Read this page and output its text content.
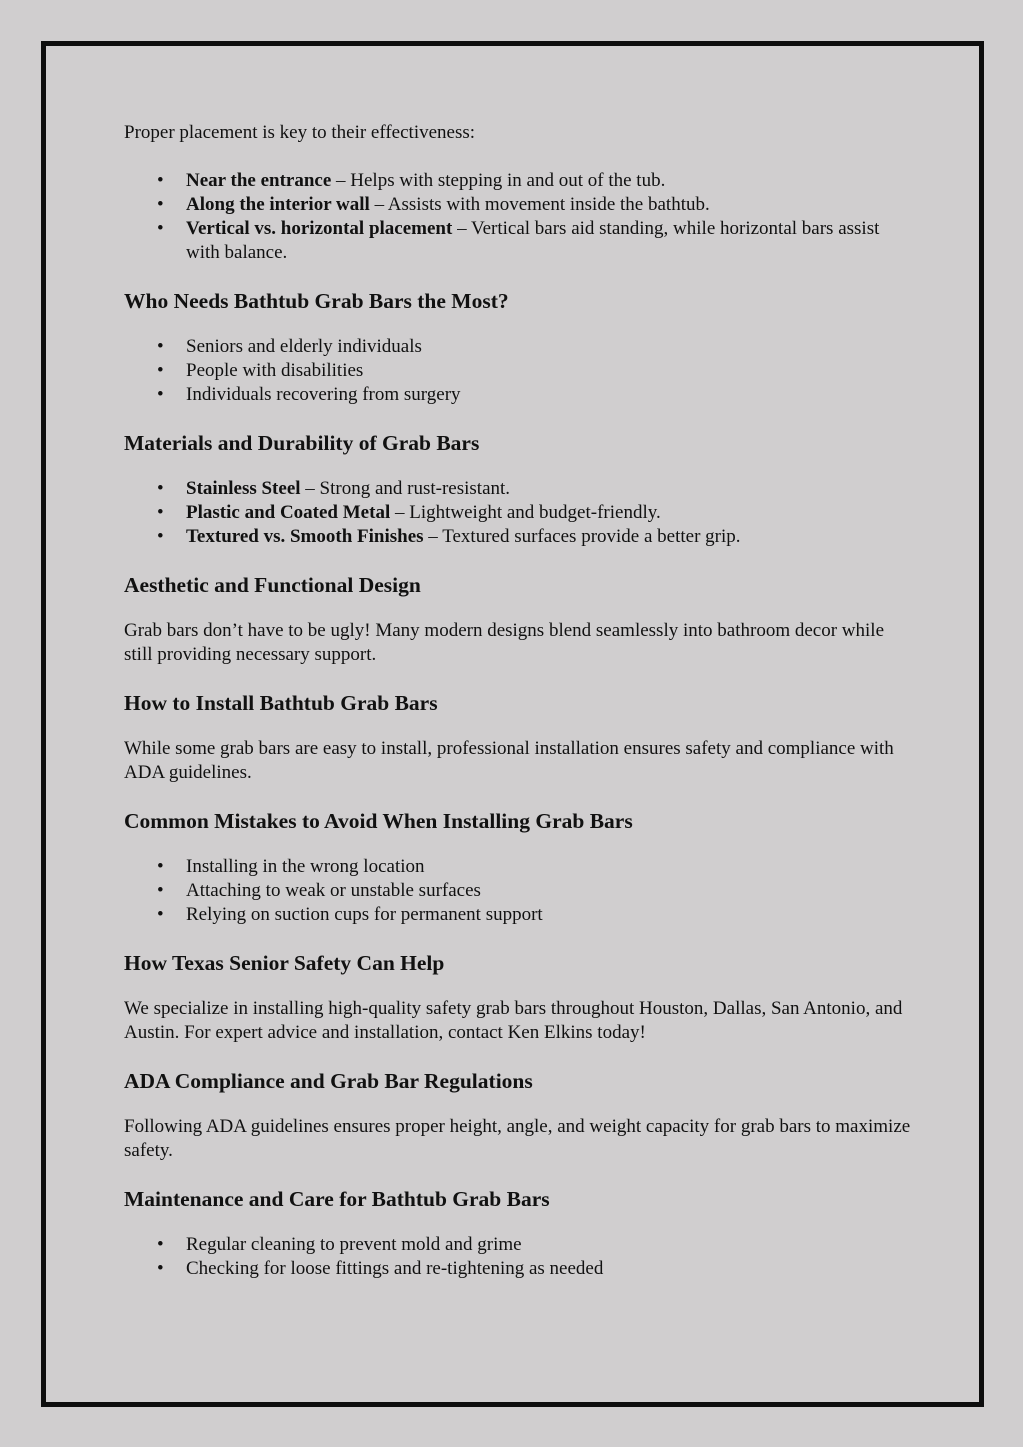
Proper placement is key to their effectiveness:

• Near the entrance – Helps with stepping in and out of the tub.
• Along the interior wall – Assists with movement inside the bathtub.
• Vertical vs. horizontal placement – Vertical bars aid standing, while horizontal bars assist with balance.
Who Needs Bathtub Grab Bars the Most?
• Seniors and elderly individuals
• People with disabilities
• Individuals recovering from surgery
Materials and Durability of Grab Bars
• Stainless Steel – Strong and rust-resistant.
• Plastic and Coated Metal – Lightweight and budget-friendly.
• Textured vs. Smooth Finishes – Textured surfaces provide a better grip.
Aesthetic and Functional Design

Grab bars don’t have to be ugly! Many modern designs blend seamlessly into bathroom decor while still providing necessary support.

How to Install Bathtub Grab Bars

While some grab bars are easy to install, professional installation ensures safety and compliance with ADA guidelines.

Common Mistakes to Avoid When Installing Grab Bars
• Installing in the wrong location
• Attaching to weak or unstable surfaces
• Relying on suction cups for permanent support
How Texas Senior Safety Can Help

We specialize in installing high-quality safety grab bars throughout Houston, Dallas, San Antonio, and Austin. For expert advice and installation, contact Ken Elkins today!

ADA Compliance and Grab Bar Regulations

Following ADA guidelines ensures proper height, angle, and weight capacity for grab bars to maximize safety.

Maintenance and Care for Bathtub Grab Bars
• Regular cleaning to prevent mold and grime
• Checking for loose fittings and re-tightening as needed
